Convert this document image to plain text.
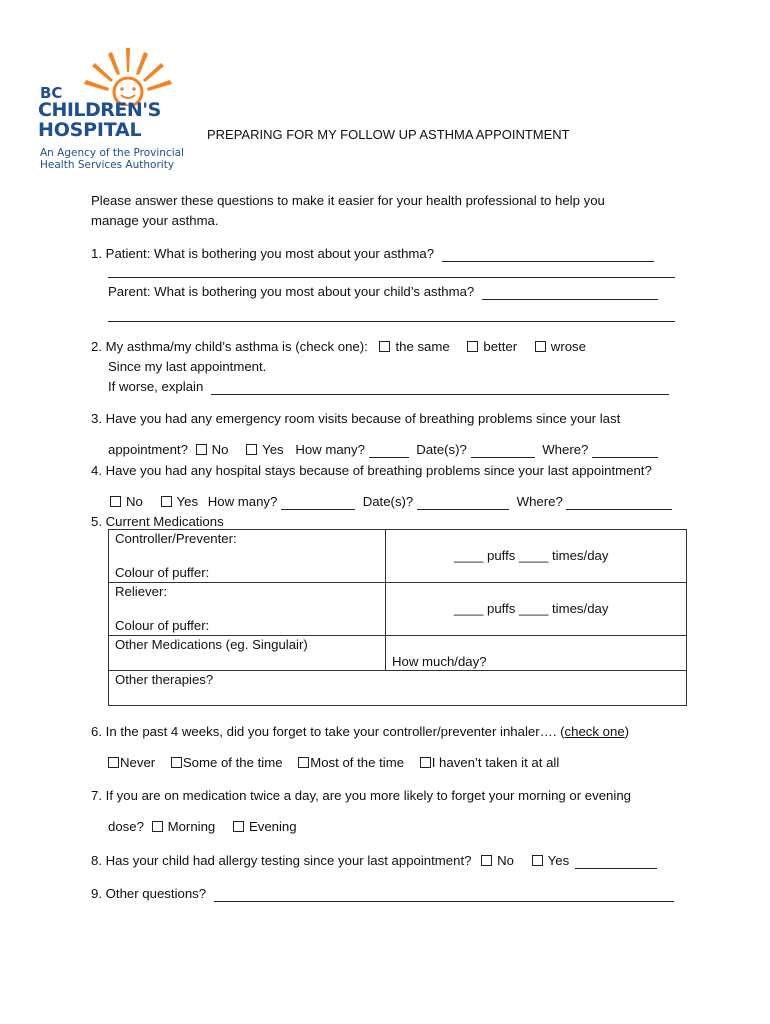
BC
CHILDREN'S
HOSPITAL
An Agency of the Provincial
Health Services Authority
PREPARING FOR MY FOLLOW UP ASTHMA APPOINTMENT
Please answer these questions to make it easier for your health professional to help you
manage your asthma.
1. Patient: What is bothering you most about your asthma?
Parent: What is bothering you most about your child’s asthma?
2. My asthma/my child’s asthma is (check one): the same	better	wrose
Since my last appointment.
If worse, explain
3. Have you had any emergency room visits because of breathing problems since your last
appointment? No	Yes How many?	Date(s)?	Where?
4. Have you had any hospital stays because of breathing problems since your last appointment?
No	Yes How many?	Date(s)?	Where?
5. Current Medications
Controller/Preventer:
Colour of puffer:	____ puffs ____ times/day

Reliever:
Colour of puffer:	____ puffs ____ times/day

Other Medications (eg. Singulair)	How much/day?

Other therapies?	
6. In the past 4 weeks, did you forget to take your controller/preventer inhaler…. (check one)
Never Some of the time Most of the time I haven’t taken it at all
7. If you are on medication twice a day, are you more likely to forget your morning or evening
dose? Morning	Evening
8. Has your child had allergy testing since your last appointment? No	Yes
9. Other questions?
